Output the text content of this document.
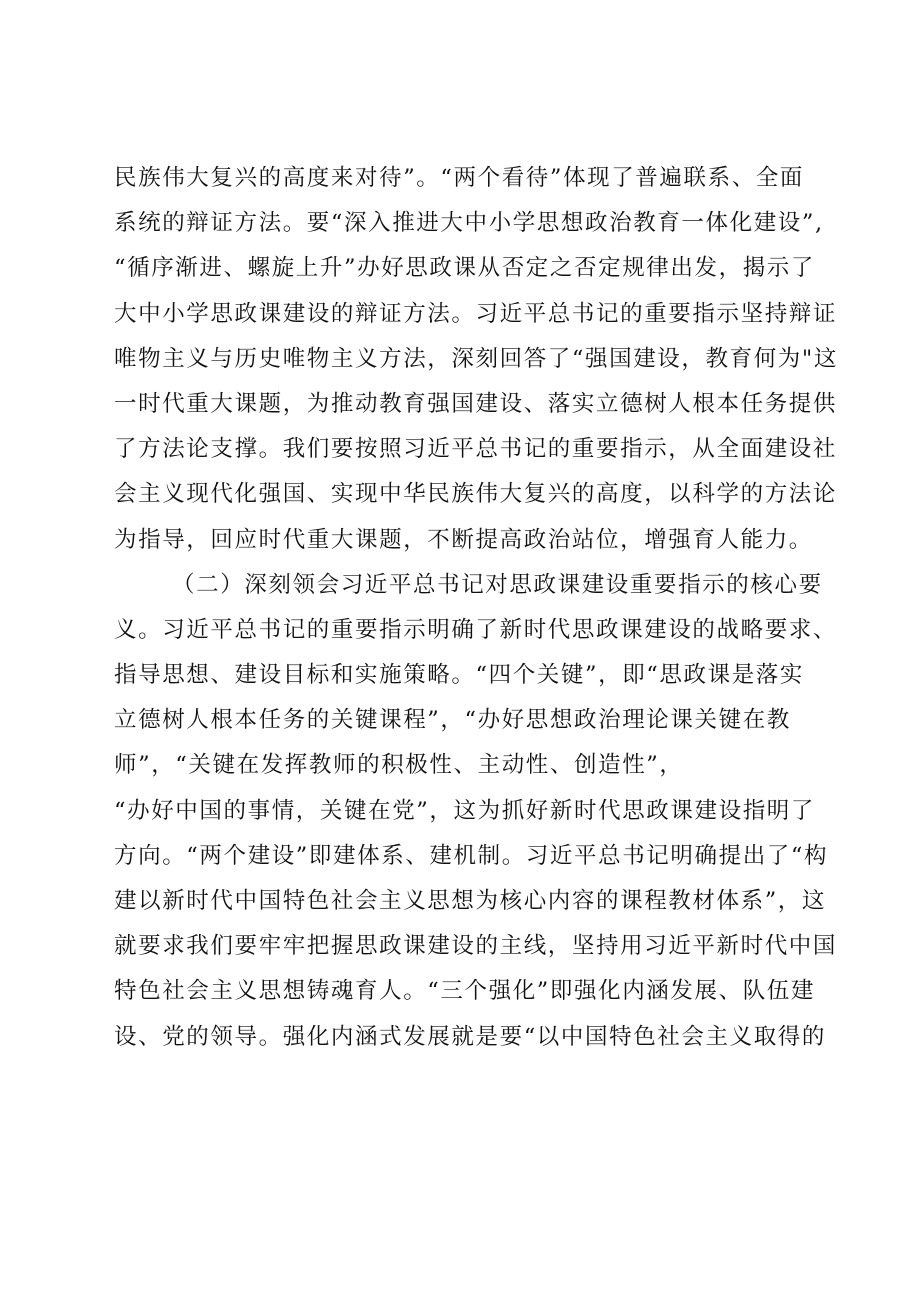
民族伟大复兴的高度来对待”。“两个看待”体现了普遍联系、全面
系统的辩证方法。要“深入推进大中小学思想政治教育一体化建设”,
“循序渐进、螺旋上升”办好思政课从否定之否定规律出发，揭示了
大中小学思政课建设的辩证方法。习近平总书记的重要指示坚持辩证
唯物主义与历史唯物主义方法，深刻回答了“强国建设，教育何为"这
一时代重大课题，为推动教育强国建设、落实立德树人根本任务提供
了方法论支撑。我们要按照习近平总书记的重要指示，从全面建设社
会主义现代化强国、实现中华民族伟大复兴的高度，以科学的方法论
为指导，回应时代重大课题，不断提高政治站位，增强育人能力。
（二）深刻领会习近平总书记对思政课建设重要指示的核心要
义。习近平总书记的重要指示明确了新时代思政课建设的战略要求、
指导思想、建设目标和实施策略。“四个关键”，即“思政课是落实
立德树人根本任务的关键课程”，“办好思想政治理论课关键在教
师”，“关键在发挥教师的积极性、主动性、创造性”，
“办好中国的事情，关键在党”，这为抓好新时代思政课建设指明了
方向。“两个建设”即建体系、建机制。习近平总书记明确提出了“构
建以新时代中国特色社会主义思想为核心内容的课程教材体系”，这
就要求我们要牢牢把握思政课建设的主线，坚持用习近平新时代中国
特色社会主义思想铸魂育人。“三个强化”即强化内涵发展、队伍建
设、党的领导。强化内涵式发展就是要“以中国特色社会主义取得的
